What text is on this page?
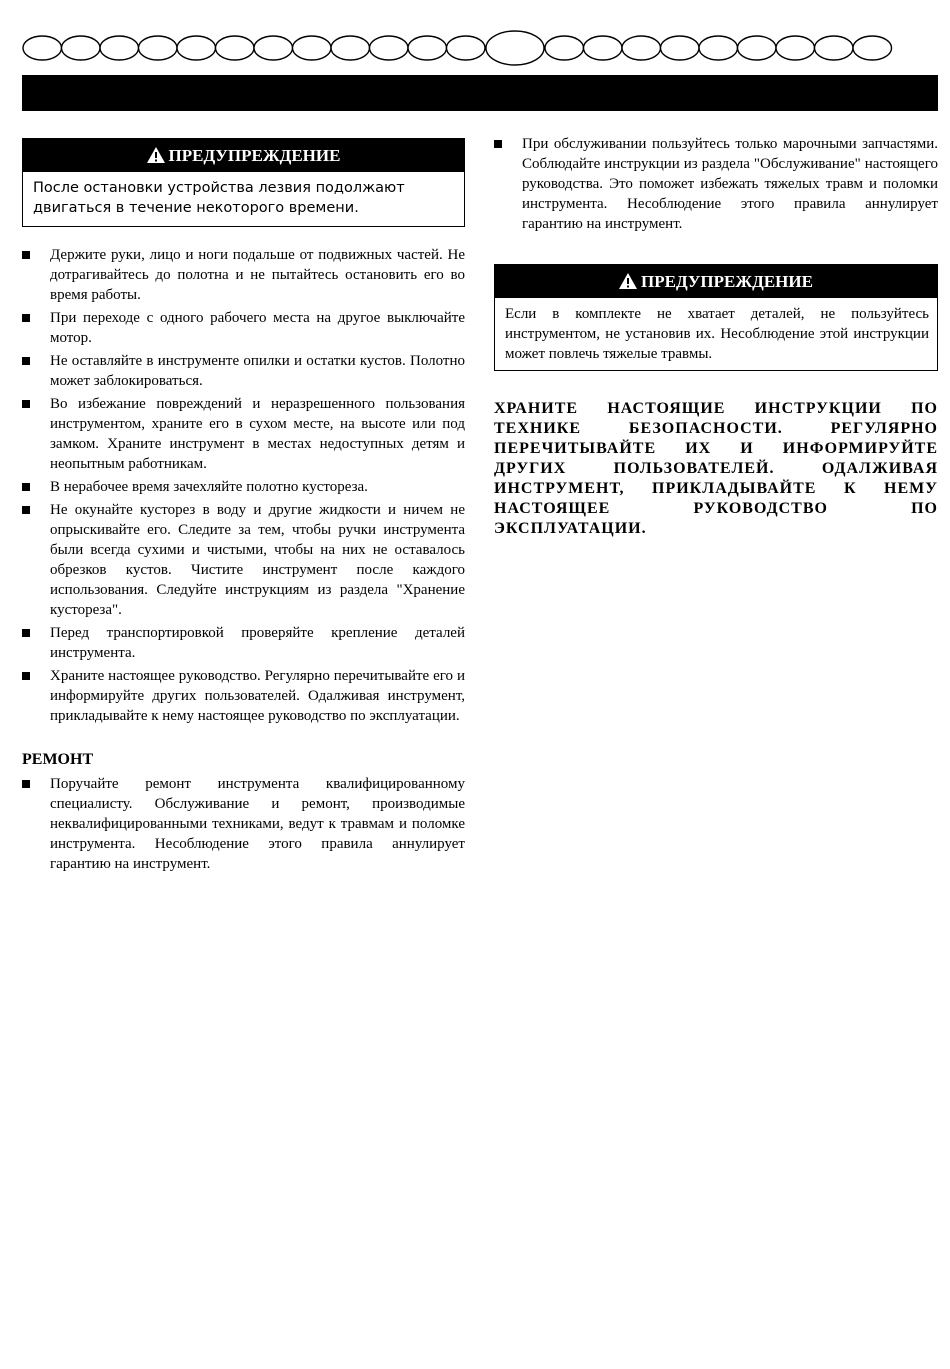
ПРЕДУПРЕЖДЕНИЕ
После остановки устройства лезвия подолжают двигаться в течение некоторого времени.
Держите руки, лицо и ноги подальше от подвижных частей. Не дотрагивайтесь до полотна и не пытайтесь остановить его во время работы.
При переходе с одного рабочего места на другое выключайте мотор.
Не оставляйте в инструменте опилки и остатки кустов. Полотно может заблокироваться.
Во избежание повреждений и неразрешенного пользования инструментом, храните его в сухом месте, на высоте или под замком. Храните инструмент в местах недоступных детям и неопытным работникам.
В нерабочее время зачехляйте полотно кустореза.
Не окунайте кусторез в воду и другие жидкости и ничем не опрыскивайте его. Следите за тем, чтобы ручки инструмента были всегда сухими и чистыми, чтобы на них не оставалось обрезков кустов. Чистите инструмент после каждого использования. Следуйте инструкциям из раздела "Хранение кустореза".
Перед транспортировкой проверяйте крепление деталей инструмента.
Храните настоящее руководство. Регулярно перечитывайте его и информируйте других пользователей. Одалживая инструмент, прикладывайте к нему настоящее руководство по эксплуатации.
РЕМОНТ
Поручайте ремонт инструмента квалифицированному специалисту. Обслуживание и ремонт, производимые неквалифицированными техниками, ведут к травмам и поломке инструмента. Несоблюдение этого правила аннулирует гарантию на инструмент.
При обслуживании пользуйтесь только марочными запчастями. Соблюдайте инструкции из раздела "Обслуживание" настоящего руководства. Это поможет избежать тяжелых травм и поломки инструмента. Несоблюдение этого правила аннулирует гарантию на инструмент.
ПРЕДУПРЕЖДЕНИЕ
Если в комплекте не хватает деталей, не пользуйтесь инструментом, не установив их. Несоблюдение этой инструкции может повлечь тяжелые травмы.
ХРАНИТЕ НАСТОЯЩИЕ ИНСТРУКЦИИ ПО ТЕХНИКЕ БЕЗОПАСНОСТИ. РЕГУЛЯРНО ПЕРЕЧИТЫВАЙТЕ ИХ И ИНФОРМИРУЙТЕ ДРУГИХ ПОЛЬЗОВАТЕЛЕЙ. ОДАЛЖИВАЯ ИНСТРУМЕНТ, ПРИКЛАДЫВАЙТЕ К НЕМУ НАСТОЯЩЕЕ РУКОВОДСТВО ПО ЭКСПЛУАТАЦИИ.
